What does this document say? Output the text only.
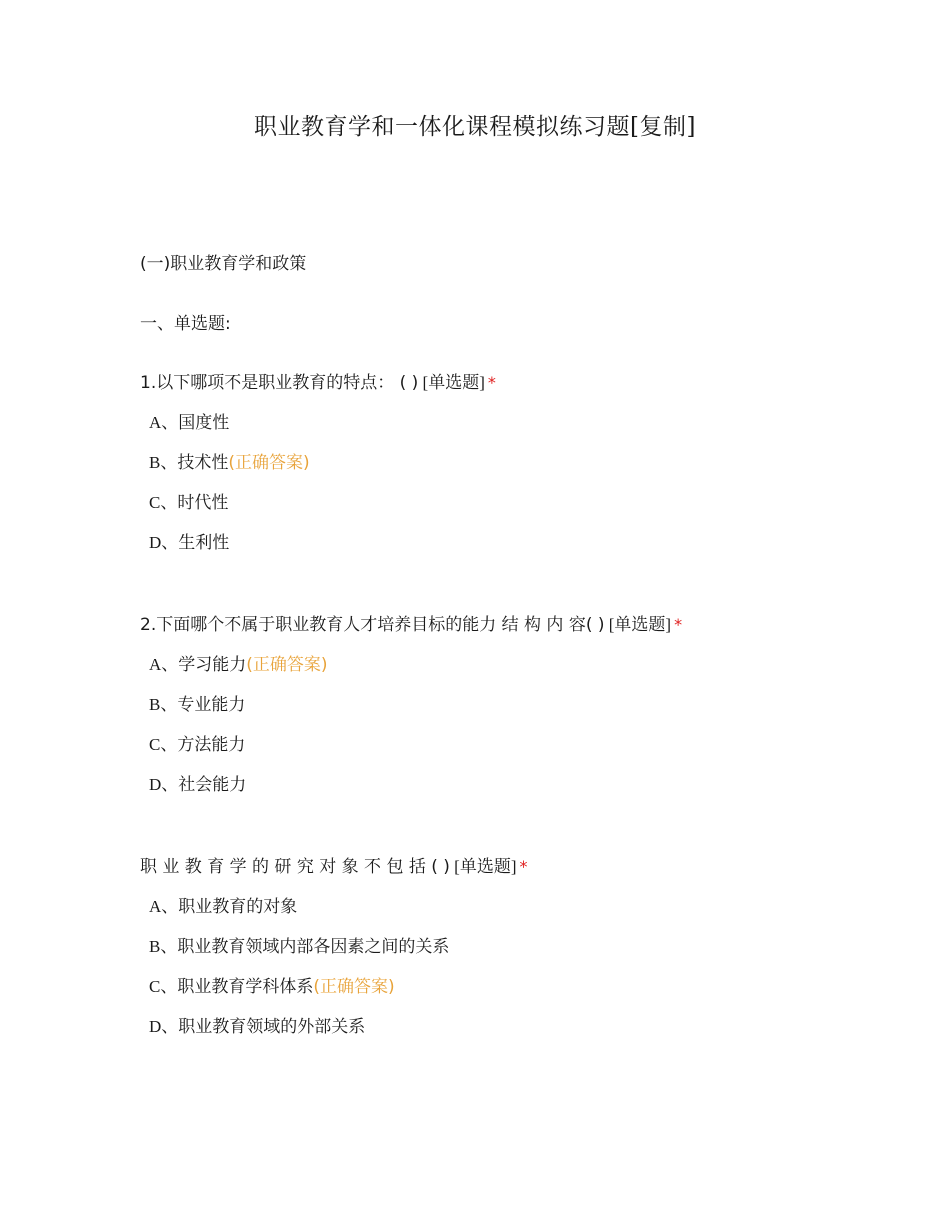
职业教育学和一体化课程模拟练习题[复制]
(一)职业教育学和政策
一、单选题:
1.以下哪项不是职业教育的特点： ( ) [单选题] *
A、国度性
B、技术性(正确答案)
C、时代性
D、生利性
2.下面哪个不属于职业教育人才培养目标的能力 结 构 内 容( ) [单选题] *
A、学习能力(正确答案)
B、专业能力
C、方法能力
D、社会能力
职 业 教 育 学 的 研 究 对 象 不 包 括 ( ) [单选题] *
A、职业教育的对象
B、职业教育领域内部各因素之间的关系
C、职业教育学科体系(正确答案)
D、职业教育领域的外部关系
